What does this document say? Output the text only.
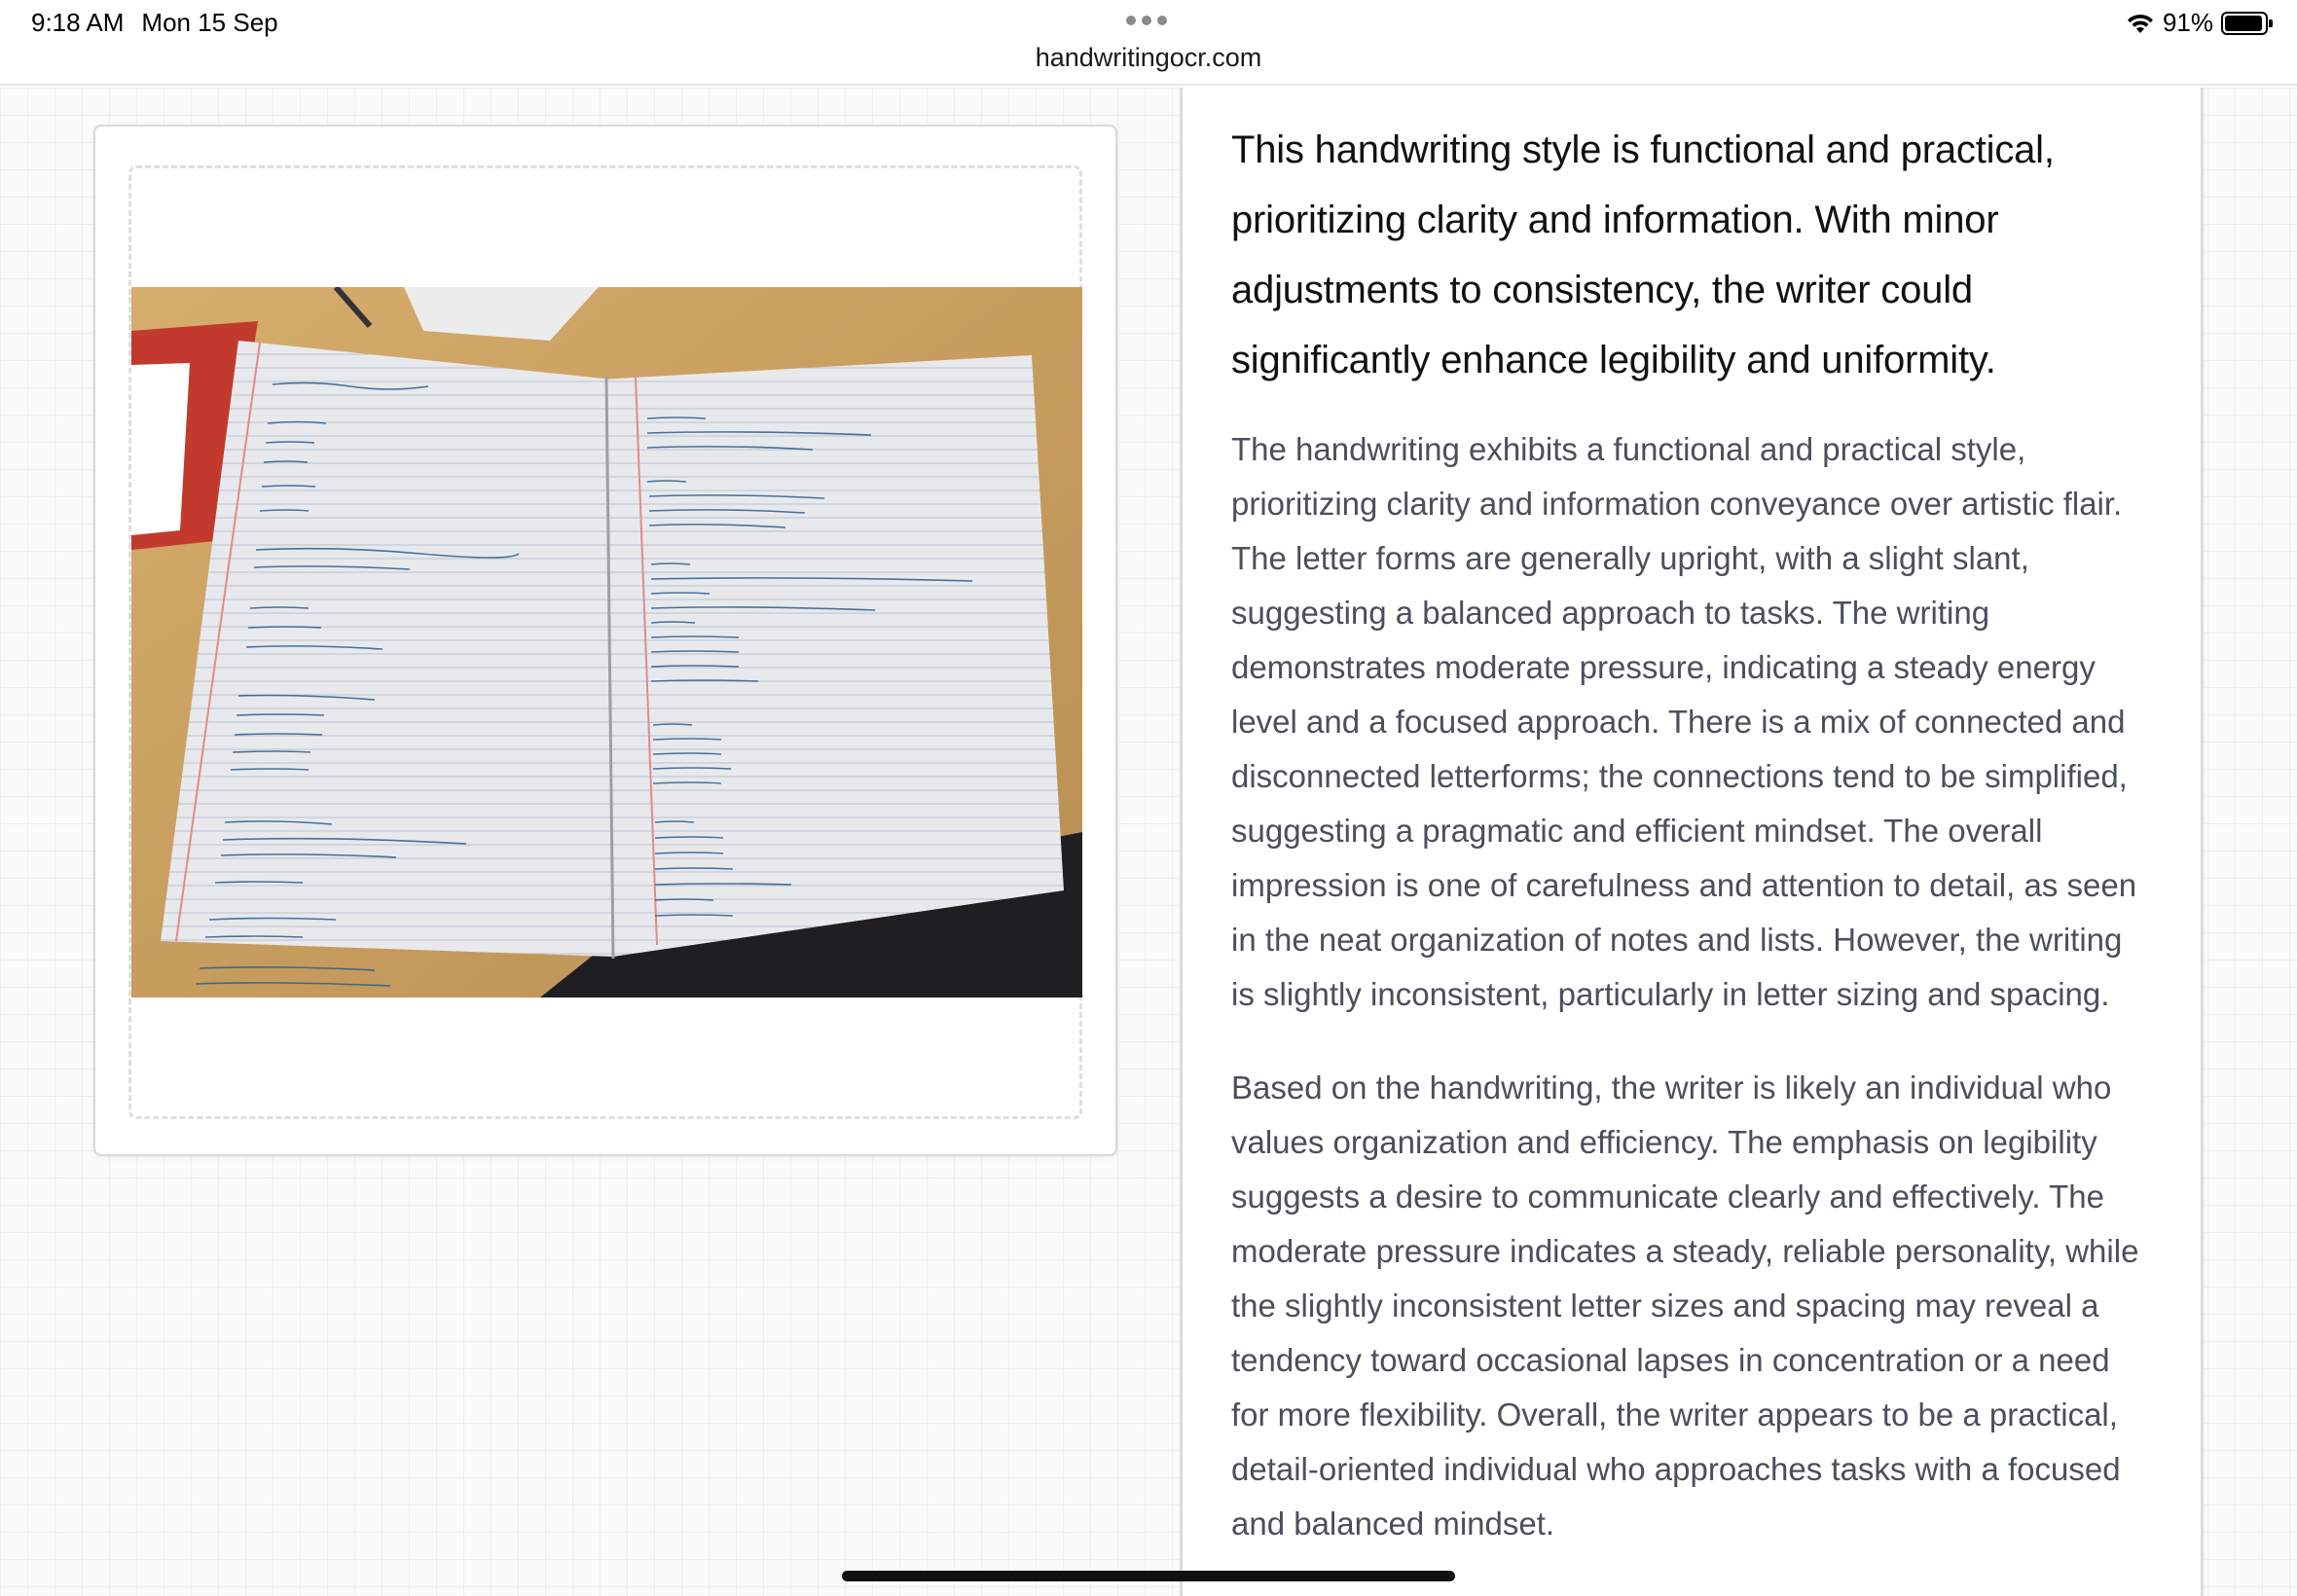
9:18 AM Mon 15 Sep
handwritingocr.com
91%
This handwriting style is functional and practical, prioritizing clarity and information. With minor adjustments to consistency, the writer could significantly enhance legibility and uniformity.

The handwriting exhibits a functional and practical style, prioritizing clarity and information conveyance over artistic flair. The letter forms are generally upright, with a slight slant, suggesting a balanced approach to tasks. The writing demonstrates moderate pressure, indicating a steady energy level and a focused approach. There is a mix of connected and disconnected letterforms; the connections tend to be simplified, suggesting a pragmatic and efficient mindset. The overall impression is one of carefulness and attention to detail, as seen in the neat organization of notes and lists. However, the writing is slightly inconsistent, particularly in letter sizing and spacing.

Based on the handwriting, the writer is likely an individual who values organization and efficiency. The emphasis on legibility suggests a desire to communicate clearly and effectively. The moderate pressure indicates a steady, reliable personality, while the slightly inconsistent letter sizes and spacing may reveal a tendency toward occasional lapses in concentration or a need for more flexibility. Overall, the writer appears to be a practical, detail-oriented individual who approaches tasks with a focused and balanced mindset.
